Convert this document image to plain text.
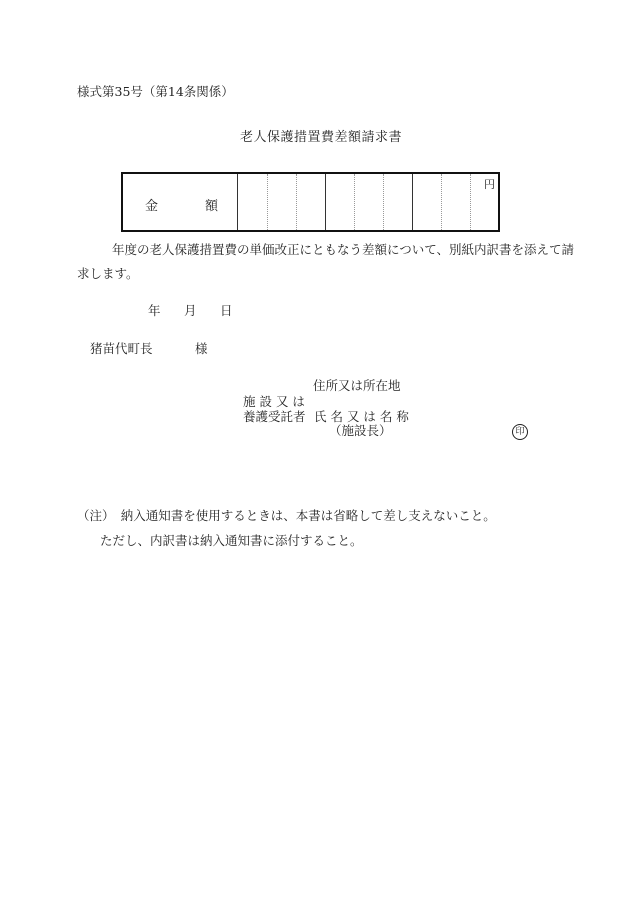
様式第35号（第14条関係）
老人保護措置費差額請求書
金	額
円
年度の老人保護措置費の単価改正にともなう差額について、別紙内訳書を添えて請
求します。
年 月 日
猪苗代町長	様
住所又は所在地
施 設 又 は
養護受託者 氏 名 又 は 名 称
（施設長）	印
（注）　納入通知書を使用するときは、本書は省略して差し支えないこと。
ただし、内訳書は納入通知書に添付すること。
